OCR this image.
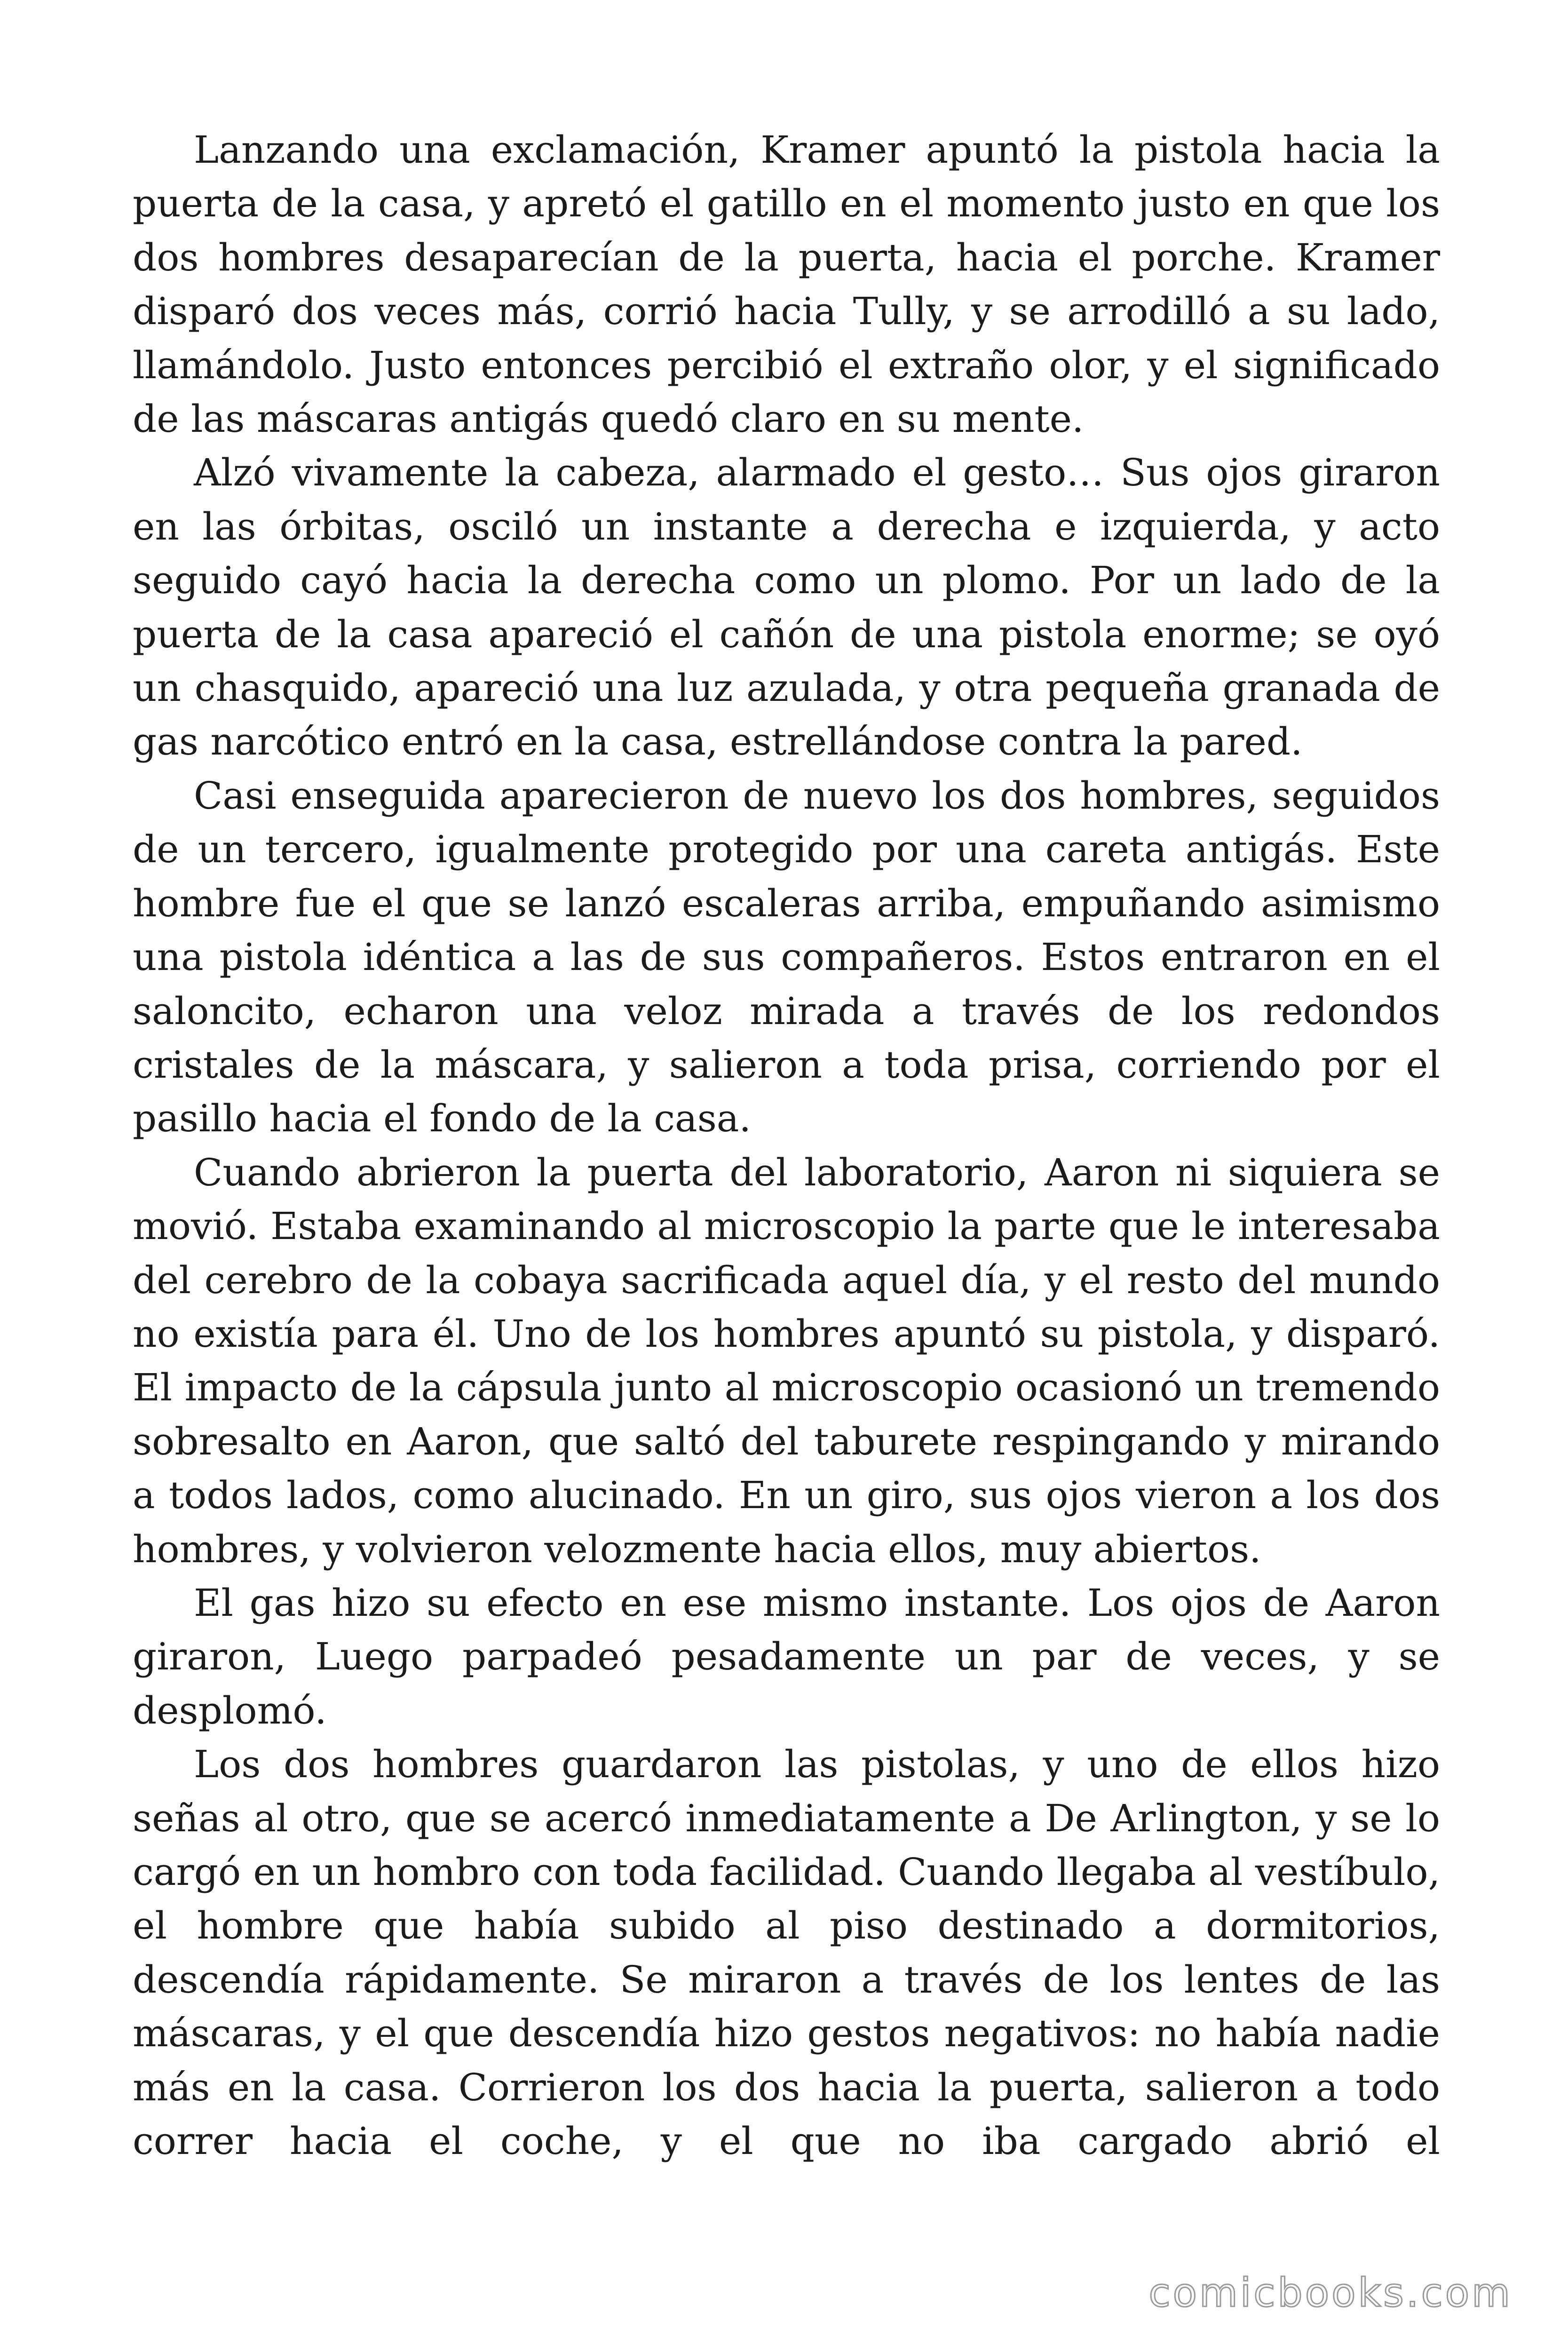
Lanzando una exclamación, Kramer apuntó la pistola hacia la puerta de la casa, y apretó el gatillo en el momento justo en que los dos hombres desaparecían de la puerta, hacia el porche. Kramer disparó dos veces más, corrió hacia Tully, y se arrodilló a su lado, llamándolo. Justo entonces percibió el extraño olor, y el significado de las máscaras antigás quedó claro en su mente.

Alzó vivamente la cabeza, alarmado el gesto… Sus ojos giraron en las órbitas, osciló un instante a derecha e izquierda, y acto seguido cayó hacia la derecha como un plomo. Por un lado de la puerta de la casa apareció el cañón de una pistola enorme; se oyó un chasquido, apareció una luz azulada, y otra pequeña granada de gas narcótico entró en la casa, estrellándose contra la pared.

Casi enseguida aparecieron de nuevo los dos hombres, seguidos de un tercero, igualmente protegido por una careta antigás. Este hombre fue el que se lanzó escaleras arriba, empuñando asimismo una pistola idéntica a las de sus compañeros. Estos entraron en el saloncito, echaron una veloz mirada a través de los redondos cristales de la máscara, y salieron a toda prisa, corriendo por el pasillo hacia el fondo de la casa.

Cuando abrieron la puerta del laboratorio, Aaron ni siquiera se movió. Estaba examinando al microscopio la parte que le interesaba del cerebro de la cobaya sacrificada aquel día, y el resto del mundo no existía para él. Uno de los hombres apuntó su pistola, y disparó. El impacto de la cápsula junto al microscopio ocasionó un tremendo sobresalto en Aaron, que saltó del taburete respingando y mirando a todos lados, como alucinado. En un giro, sus ojos vieron a los dos hombres, y volvieron velozmente hacia ellos, muy abiertos.

El gas hizo su efecto en ese mismo instante. Los ojos de Aaron giraron, Luego parpadeó pesadamente un par de veces, y se desplomó.

Los dos hombres guardaron las pistolas, y uno de ellos hizo señas al otro, que se acercó inmediatamente a De Arlington, y se lo cargó en un hombro con toda facilidad. Cuando llegaba al vestíbulo, el hombre que había subido al piso destinado a dormitorios, descendía rápidamente. Se miraron a través de los lentes de las máscaras, y el que descendía hizo gestos negativos: no había nadie más en la casa. Corrieron los dos hacia la puerta, salieron a todo correr hacia el coche, y el que no iba cargado abrió el

comicbooks.com
